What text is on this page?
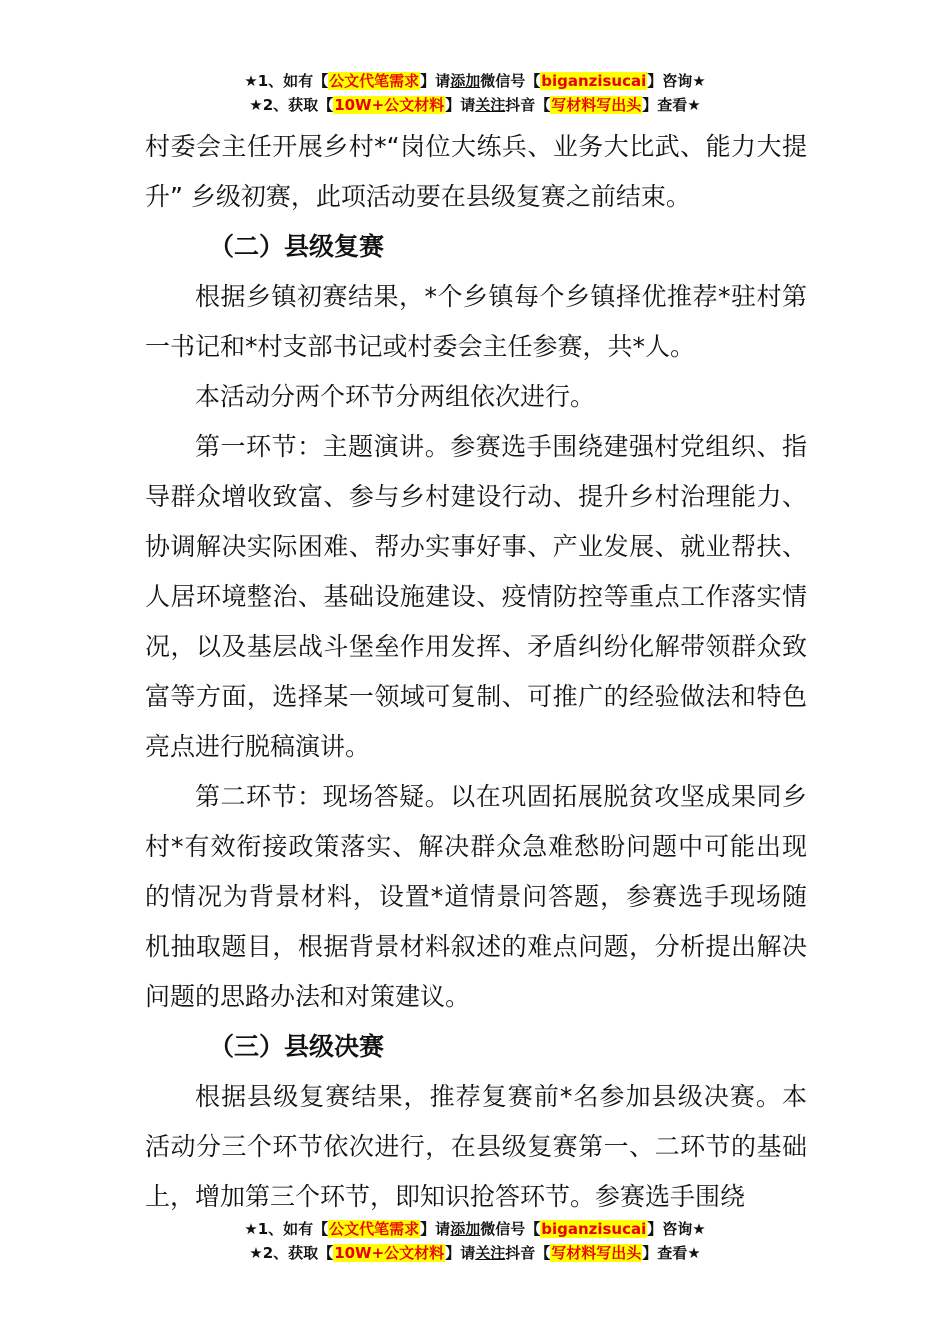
★1、如有【公文代笔需求】请添加微信号【biganzisucai】咨询★
★2、获取【10W+公文材料】请关注抖音【写材料写出头】查看★

村委会主任开展乡村*“岗位大练兵、业务大比武、能力大提升” 乡级初赛，此项活动要在县级复赛之前结束。

（二）县级复赛

根据乡镇初赛结果，*个乡镇每个乡镇择优推荐*驻村第一书记和*村支部书记或村委会主任参赛，共*人。

本活动分两个环节分两组依次进行。

第一环节：主题演讲。参赛选手围绕建强村党组织、指导群众增收致富、参与乡村建设行动、提升乡村治理能力、协调解决实际困难、帮办实事好事、产业发展、就业帮扶、人居环境整治、基础设施建设、疫情防控等重点工作落实情况，以及基层战斗堡垒作用发挥、矛盾纠纷化解带领群众致富等方面，选择某一领域可复制、可推广的经验做法和特色亮点进行脱稿演讲。

第二环节：现场答疑。以在巩固拓展脱贫攻坚成果同乡村*有效衔接政策落实、解决群众急难愁盼问题中可能出现的情况为背景材料，设置*道情景问答题，参赛选手现场随机抽取题目，根据背景材料叙述的难点问题，分析提出解决问题的思路办法和对策建议。

（三）县级决赛

根据县级复赛结果，推荐复赛前*名参加县级决赛。本活动分三个环节依次进行，在县级复赛第一、二环节的基础上，增加第三个环节，即知识抢答环节。参赛选手围绕

★1、如有【公文代笔需求】请添加微信号【biganzisucai】咨询★
★2、获取【10W+公文材料】请关注抖音【写材料写出头】查看★
